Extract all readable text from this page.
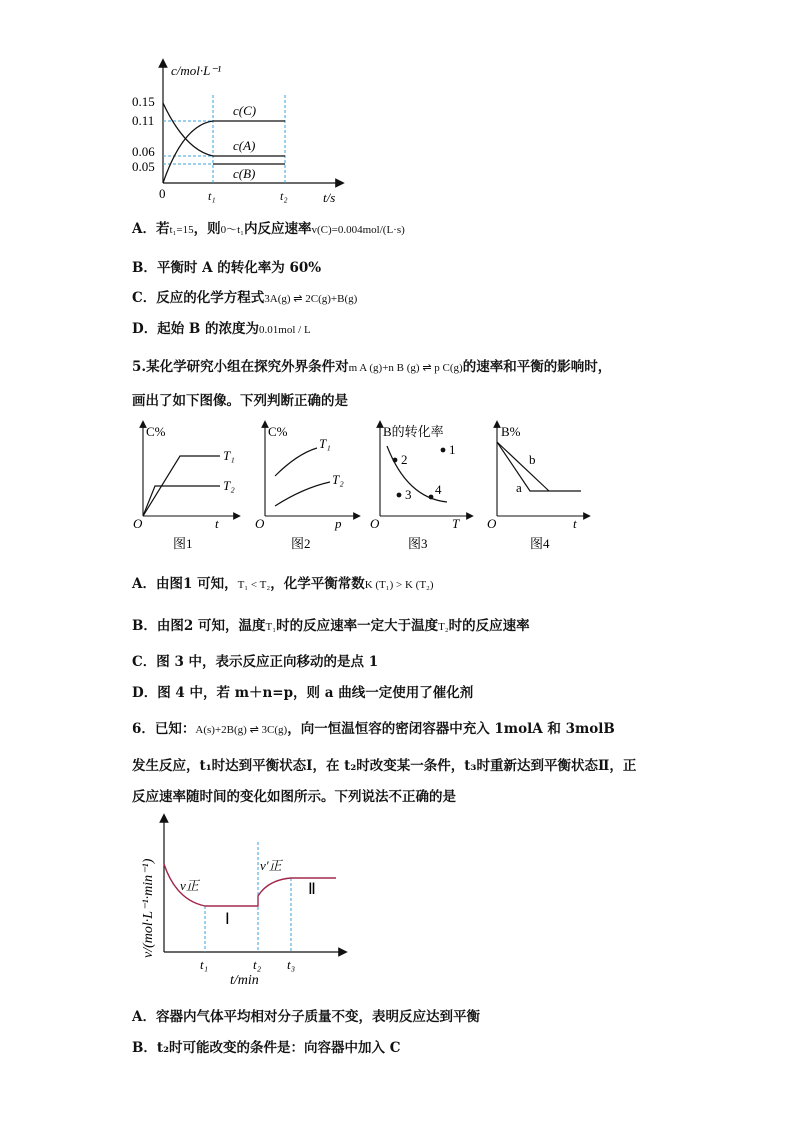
c/mol·L⁻¹
t/s
0.15
0.11
0.06
0.05
0	t₁	t₂
c(C)
c(A)
c(B)
A．若t₁=15，则0～t₁内反应速率v(C)=0.004mol/(L·s)
B．平衡时 A 的转化率为 60%
C．反应的化学方程式3A(g) ⇌ 2C(g)+B(g)
D．起始 B 的浓度为0.01mol / L
5.某化学研究小组在探究外界条件对m A (g)+n B (g) ⇌ p C(g)的速率和平衡的影响时，
画出了如下图像。下列判断正确的是
C%
t
O
T₁
T₂
图1
C%
p
O
T₁
T₂
图2
B的转化率
T
O
1
2
3 4
图3
B%
t
O
b
a
图4
A．由图1 可知，T₁ < T₂，化学平衡常数K (T₁) > K (T₂)
B．由图2 可知，温度T₁时的反应速率一定大于温度T₂时的反应速率
C．图 3 中，表示反应正向移动的是点 1
D．图 4 中，若 m＋n=p，则 a 曲线一定使用了催化剂
6．已知：A(s)+2B(g) ⇌ 3C(g)，向一恒温恒容的密闭容器中充入 1molA 和 3molB
发生反应，t₁时达到平衡状态Ⅰ，在 t₂时改变某一条件，t₃时重新达到平衡状态Ⅱ，正
反应速率随时间的变化如图所示。下列说法不正确的是
v/(mol·L⁻¹·min⁻¹)
t/min
t₁	t₂ t₃
v正
v′正
Ⅰ
Ⅱ
A．容器内气体平均相对分子质量不变，表明反应达到平衡
B．t₂时可能改变的条件是：向容器中加入 C
